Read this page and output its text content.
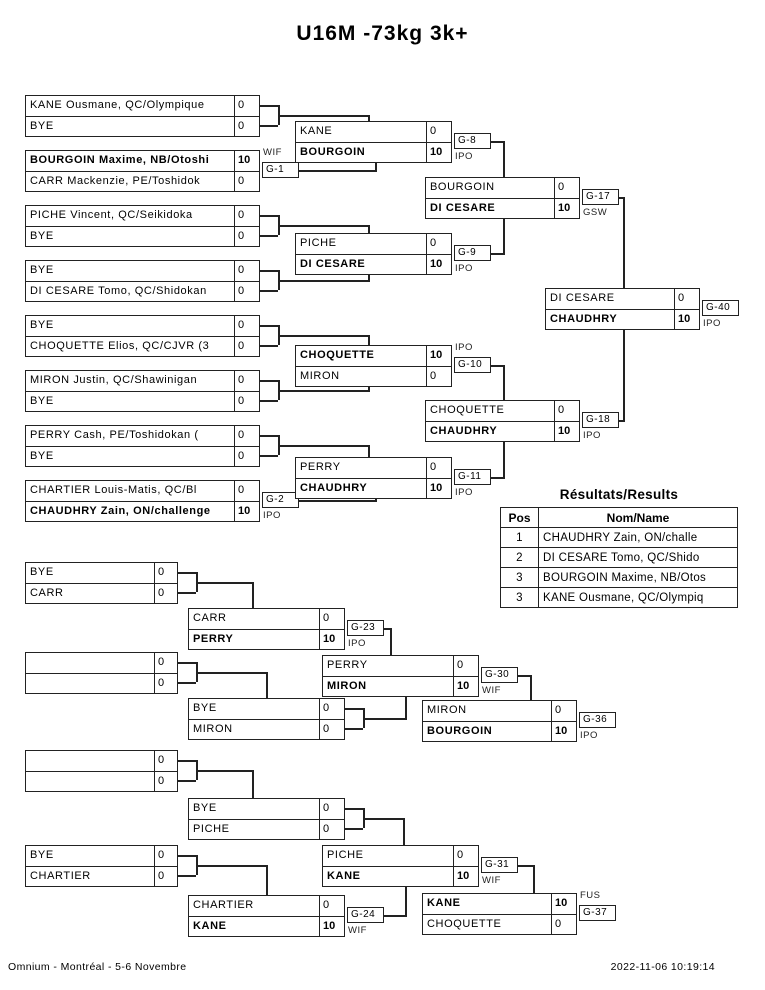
U16M -73kg 3k+
KANE Ousmane, QC/Olympique	0
BYE	0
BOURGOIN Maxime, NB/Otoshi	10
CARR Mackenzie, PE/Toshidok	0
G-1
WIF
PICHE Vincent, QC/Seikidoka	0
BYE	0
BYE	0
DI CESARE Tomo, QC/Shidokan	0
BYE	0
CHOQUETTE Elios, QC/CJVR (3	0
MIRON Justin, QC/Shawinigan	0
BYE	0
PERRY Cash, PE/Toshidokan (	0
BYE	0
CHARTIER Louis-Matis, QC/Bl	0
CHAUDHRY Zain, ON/challenge	10
G-2
IPO
KANE	0
BOURGOIN	10
G-8
IPO
PICHE	0
DI CESARE	10
G-9
IPO
CHOQUETTE	10
MIRON	0
G-10
IPO
PERRY	0
CHAUDHRY	10
G-11
IPO
BOURGOIN	0
DI CESARE	10
G-17
GSW
CHOQUETTE	0
CHAUDHRY	10
G-18
IPO
DI CESARE	0
CHAUDHRY	10
G-40
IPO
BYE	0
CARR	0
CARR	0
PERRY	10
G-23
IPO
0
0
BYE	0
MIRON	0
PERRY	0
MIRON	10
G-30
WIF
MIRON	0
BOURGOIN	10
G-36
IPO
0
0
BYE	0
PICHE	0
BYE	0
CHARTIER	0
CHARTIER	0
KANE	10
G-24
WIF
PICHE	0
KANE	10
G-31
WIF
KANE	10
CHOQUETTE	0
G-37
FUS
Résultats/Results
Pos	Nom/Name
1	CHAUDHRY Zain, ON/challe
2	DI CESARE Tomo, QC/Shido
3	BOURGOIN Maxime, NB/Otos
3	KANE Ousmane, QC/Olympiq
Omnium - Montréal - 5-6 Novembre	2022-11-06 10:19:14
